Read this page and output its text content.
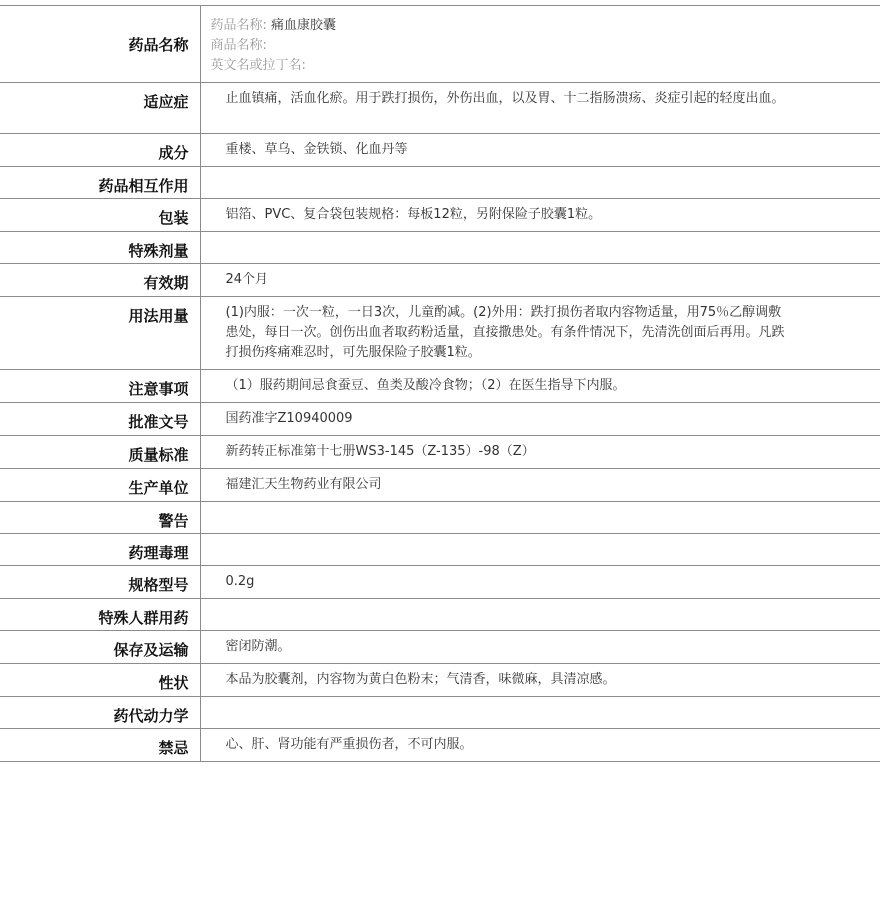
药品名称	药品名称: 痛血康胶囊
商品名称:
英文名或拉丁名:

适应症	止血镇痛，活血化瘀。用于跌打损伤，外伤出血，以及胃、十二指肠溃疡、炎症引起的轻度出血。
成分	重楼、草乌、金铁锁、化血丹等
药品相互作用	
包装	铝箔、PVC、复合袋包装规格：每板12粒，另附保险子胶囊1粒。
特殊剂量	
有效期	24个月
用法用量	(1)内服：一次一粒，一日3次，儿童酌减。(2)外用：跌打损伤者取内容物适量，用75％乙醇调敷患处，每日一次。创伤出血者取药粉适量，直接撒患处。有条件情况下，先清洗创面后再用。凡跌打损伤疼痛难忍时，可先服保险子胶囊1粒。
注意事项	（1）服药期间忌食蚕豆、鱼类及酸冷食物；（2）在医生指导下内服。
批准文号	国药准字Z10940009
质量标准	新药转正标准第十七册WS3-145（Z-135）-98（Z）
生产单位	福建汇天生物药业有限公司
警告	
药理毒理	
规格型号	0.2g
特殊人群用药	
保存及运输	密闭防潮。
性状	本品为胶囊剂，内容物为黄白色粉末；气清香，味微麻，具清凉感。
药代动力学	
禁忌	心、肝、肾功能有严重损伤者，不可内服。
